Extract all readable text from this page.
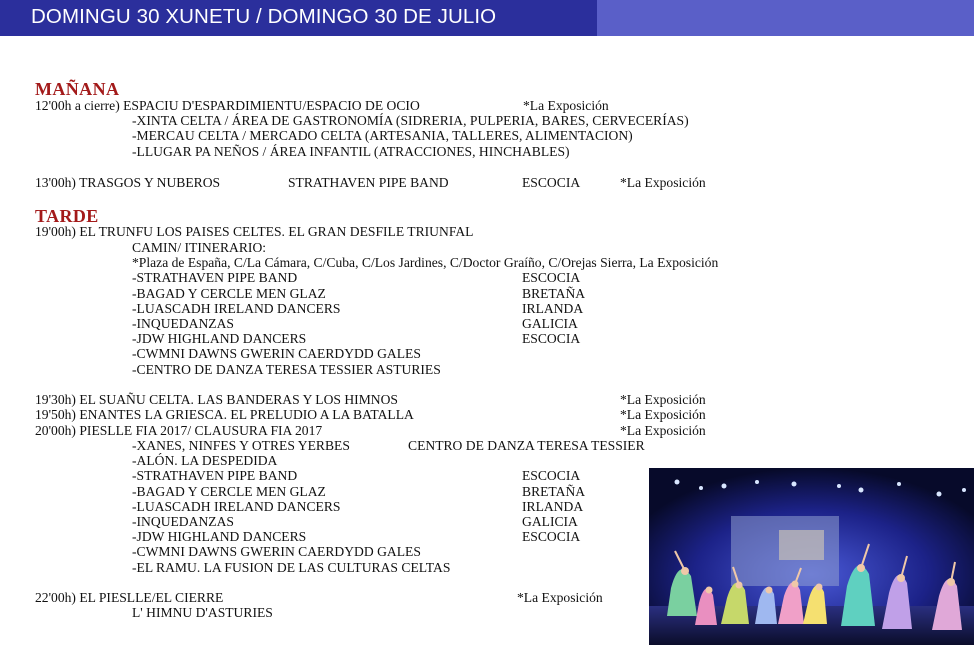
DOMINGU 30 XUNETU / DOMINGO 30 DE JULIO
MAÑANA
12'00h a cierre) ESPACIU D'ESPARDIMIENTU/ESPACIO DE OCIO	*La Exposición
-XINTA CELTA / ÁREA DE GASTRONOMÍA (SIDRERIA, PULPERIA, BARES, CERVECERÍAS)
-MERCAU CELTA / MERCADO CELTA (ARTESANIA, TALLERES, ALIMENTACION)
-LLUGAR PA NEÑOS / ÁREA INFANTIL (ATRACCIONES, HINCHABLES)
13'00h) TRASGOS Y NUBEROS	STRATHAVEN PIPE BAND	ESCOCIA	*La Exposición
TARDE
19'00h) EL TRUNFU LOS PAISES CELTES. EL GRAN DESFILE TRIUNFAL
CAMIN/ ITINERARIO:
*Plaza de España, C/La Cámara, C/Cuba, C/Los Jardines, C/Doctor Graíño, C/Orejas Sierra, La Exposición
-STRATHAVEN PIPE BAND	ESCOCIA
-BAGAD Y CERCLE MEN GLAZ	BRETAÑA
-LUASCADH IRELAND DANCERS	IRLANDA
-INQUEDANZAS	GALICIA
-JDW HIGHLAND DANCERS	ESCOCIA
-CWMNI DAWNS GWERIN CAERDYDD GALES
-CENTRO DE DANZA TERESA TESSIER ASTURIES
19'30h) EL SUAÑU CELTA. LAS BANDERAS Y LOS HIMNOS	*La Exposición
19'50h) ENANTES LA GRIESCA. EL PRELUDIO A LA BATALLA	*La Exposición
20'00h) PIESLLE FIA 2017/ CLAUSURA FIA 2017	*La Exposición
-XANES, NINFES Y OTRES YERBES	CENTRO DE DANZA TERESA TESSIER
-ALÓN. LA DESPEDIDA
-STRATHAVEN PIPE BAND	ESCOCIA
-BAGAD Y CERCLE MEN GLAZ	BRETAÑA
-LUASCADH IRELAND DANCERS	IRLANDA
-INQUEDANZAS	GALICIA
-JDW HIGHLAND DANCERS	ESCOCIA
-CWMNI DAWNS GWERIN CAERDYDD GALES
-EL RAMU. LA FUSION DE LAS CULTURAS CELTAS
22'00h) EL PIESLLE/EL CIERRE	*La Exposición
L' HIMNU D'ASTURIES
